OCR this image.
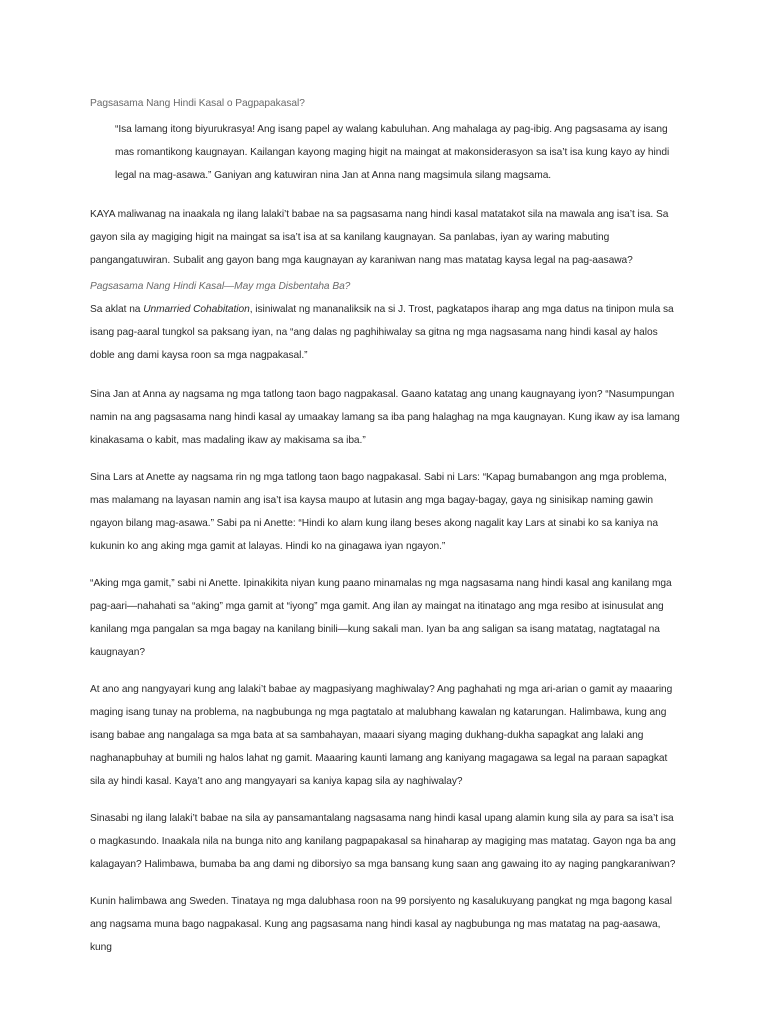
Pagsasama Nang Hindi Kasal o Pagpapakasal?

“Isa lamang itong biyurukrasya! Ang isang papel ay walang kabuluhan. Ang mahalaga ay pag-ibig. Ang pagsasama ay isang mas romantikong kaugnayan. Kailangan kayong maging higit na maingat at makonsiderasyon sa isa’t isa kung kayo ay hindi legal na mag-asawa.” Ganiyan ang katuwiran nina Jan at Anna nang magsimula silang magsama.

KAYA maliwanag na inaakala ng ilang lalaki’t babae na sa pagsasama nang hindi kasal matatakot sila na mawala ang isa’t isa. Sa gayon sila ay magiging higit na maingat sa isa’t isa at sa kanilang kaugnayan. Sa panlabas, iyan ay waring mabuting pangangatuwiran. Subalit ang gayon bang mga kaugnayan ay karaniwan nang mas matatag kaysa legal na pag-aasawa?

Pagsasama Nang Hindi Kasal—May mga Disbentaha Ba?

Sa aklat na Unmarried Cohabitation, isiniwalat ng mananaliksik na si J. Trost, pagkatapos iharap ang mga datus na tinipon mula sa isang pag-aaral tungkol sa paksang iyan, na “ang dalas ng paghihiwalay sa gitna ng mga nagsasama nang hindi kasal ay halos doble ang dami kaysa roon sa mga nagpakasal.”

Sina Jan at Anna ay nagsama ng mga tatlong taon bago nagpakasal. Gaano katatag ang unang kaugnayang iyon? “Nasumpungan namin na ang pagsasama nang hindi kasal ay umaakay lamang sa iba pang halaghag na mga kaugnayan. Kung ikaw ay isa lamang kinakasama o kabit, mas madaling ikaw ay makisama sa iba.”

Sina Lars at Anette ay nagsama rin ng mga tatlong taon bago nagpakasal. Sabi ni Lars: “Kapag bumabangon ang mga problema, mas malamang na layasan namin ang isa’t isa kaysa maupo at lutasin ang mga bagay-bagay, gaya ng sinisikap naming gawin ngayon bilang mag-asawa.” Sabi pa ni Anette: “Hindi ko alam kung ilang beses akong nagalit kay Lars at sinabi ko sa kaniya na kukunin ko ang aking mga gamit at lalayas. Hindi ko na ginagawa iyan ngayon.”

“Aking mga gamit,” sabi ni Anette. Ipinakikita niyan kung paano minamalas ng mga nagsasama nang hindi kasal ang kanilang mga pag-aari—nahahati sa “aking” mga gamit at “iyong” mga gamit. Ang ilan ay maingat na itinatago ang mga resibo at isinusulat ang kanilang mga pangalan sa mga bagay na kanilang binili—kung sakali man. Iyan ba ang saligan sa isang matatag, nagtatagal na kaugnayan?

At ano ang nangyayari kung ang lalaki’t babae ay magpasiyang maghiwalay? Ang paghahati ng mga ari-arian o gamit ay maaaring maging isang tunay na problema, na nagbubunga ng mga pagtatalo at malubhang kawalan ng katarungan. Halimbawa, kung ang isang babae ang nangalaga sa mga bata at sa sambahayan, maaari siyang maging dukhang-dukha sapagkat ang lalaki ang naghanapbuhay at bumili ng halos lahat ng gamit. Maaaring kaunti lamang ang kaniyang magagawa sa legal na paraan sapagkat sila ay hindi kasal. Kaya’t ano ang mangyayari sa kaniya kapag sila ay naghiwalay?

Sinasabi ng ilang lalaki’t babae na sila ay pansamantalang nagsasama nang hindi kasal upang alamin kung sila ay para sa isa’t isa o magkasundo. Inaakala nila na bunga nito ang kanilang pagpapakasal sa hinaharap ay magiging mas matatag. Gayon nga ba ang kalagayan? Halimbawa, bumaba ba ang dami ng diborsiyo sa mga bansang kung saan ang gawaing ito ay naging pangkaraniwan?

Kunin halimbawa ang Sweden. Tinataya ng mga dalubhasa roon na 99 porsiyento ng kasalukuyang pangkat ng mga bagong kasal ang nagsama muna bago nagpakasal. Kung ang pagsasama nang hindi kasal ay nagbubunga ng mas matatag na pag-aasawa, kung
